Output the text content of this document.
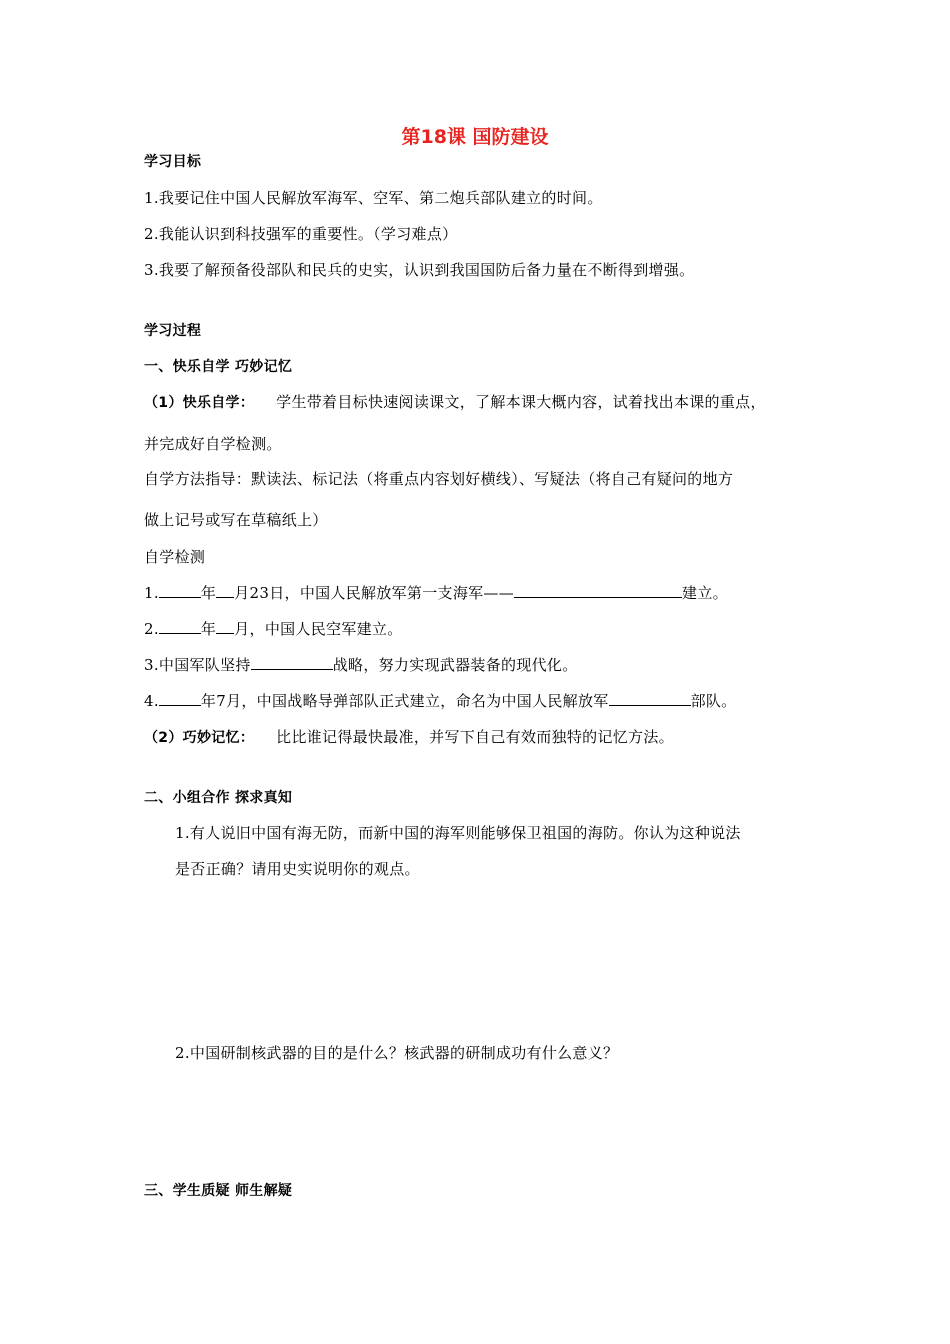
第18课 国防建设
学习目标
1.我要记住中国人民解放军海军、空军、第二炮兵部队建立的时间。
2.我能认识到科技强军的重要性。（学习难点）
3.我要了解预备役部队和民兵的史实，认识到我国国防后备力量在不断得到增强。
学习过程
一、快乐自学 巧妙记忆
（1）快乐自学： 学生带着目标快速阅读课文，了解本课大概内容，试着找出本课的重点，
并完成好自学检测。
自学方法指导：默读法、标记法（将重点内容划好横线）、写疑法（将自己有疑问的地方
做上记号或写在草稿纸上）
自学检测
1.	年 月23日，中国人民解放军第一支海军——	建立。
2.	年 月，中国人民空军建立。
3.中国军队坚持	战略，努力实现武器装备的现代化。
4.	年7月，中国战略导弹部队正式建立，命名为中国人民解放军	部队。
（2）巧妙记忆： 比比谁记得最快最准，并写下自己有效而独特的记忆方法。
二、小组合作 探求真知
1.有人说旧中国有海无防，而新中国的海军则能够保卫祖国的海防。你认为这种说法
是否正确？请用史实说明你的观点。
2.中国研制核武器的目的是什么？核武器的研制成功有什么意义？
三、学生质疑 师生解疑
